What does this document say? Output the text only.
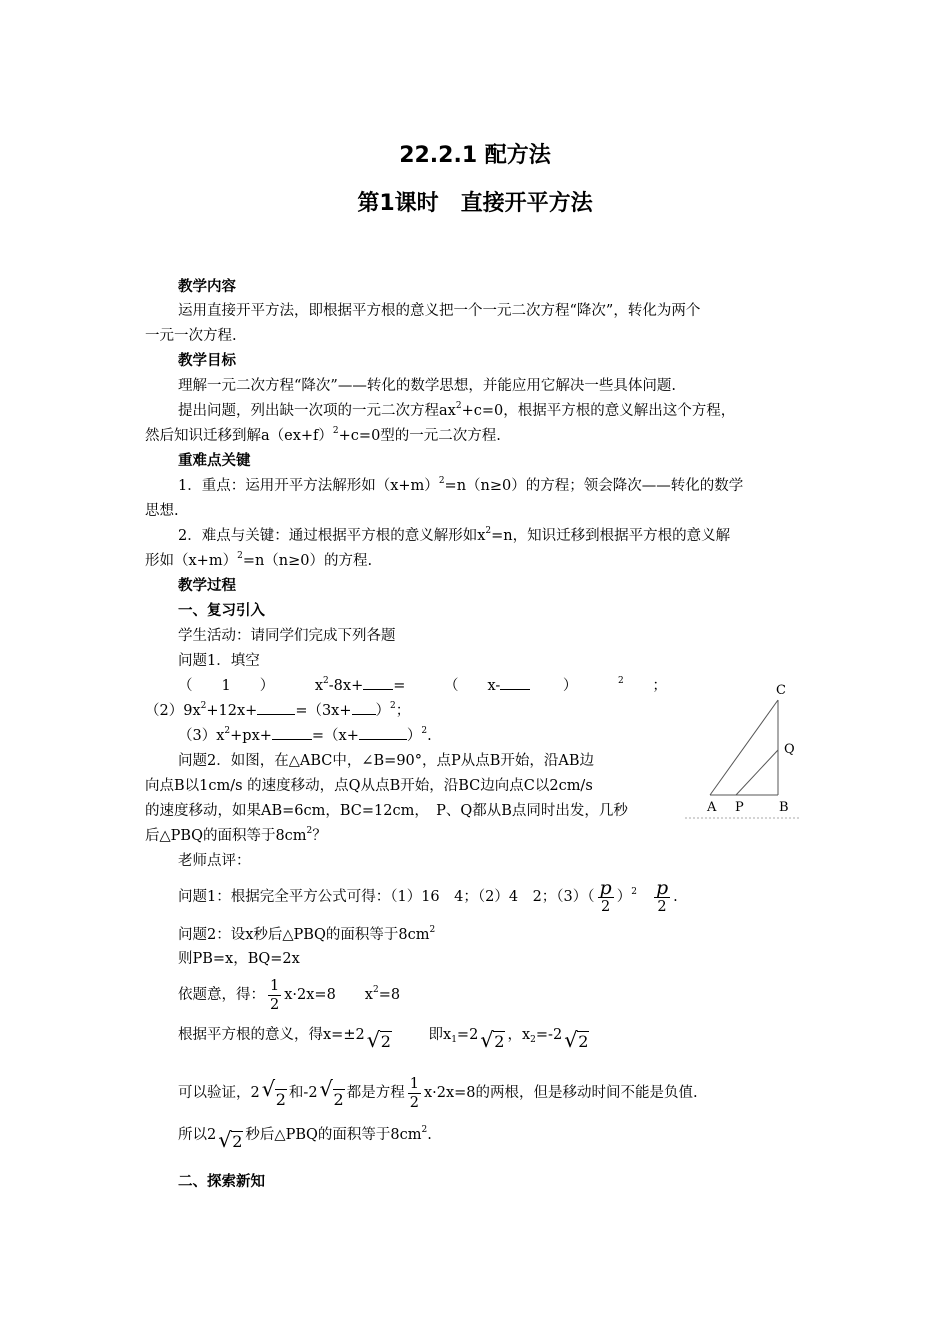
22.2.1 配方法
第1课时　直接开平方法
教学内容
运用直接开平方法，即根据平方根的意义把一个一元二次方程“降次”，转化为两个
一元一次方程.
教学目标
理解一元二次方程“降次”——转化的数学思想，并能应用它解决一些具体问题.
提出问题，列出缺一次项的一元二次方程$ax^2+c=0$，根据平方根的意义解出这个方程，
然后知识迁移到解$a(ex+f)^2+c=0$型的一元二次方程.
重难点关键
1．重点：运用开平方法解形如$(x+m)^2=n(n\ge 0)$的方程；领会降次——转化的数学
思想.
2．难点与关键：通过根据平方根的意义解形如$x^2=n$，知识迁移到根据平方根的意义解
形如$(x+m)^2=n(n\ge 0)$的方程.
教学过程
一、复习引入
学生活动：请同学们完成下列各题
问题1．填空
（　　1　　）	$x^2-8x+$ =	（　　x-	）	$^2$ ；
$(2)9x^2+12x+$	$=(3x+ )^2$；
$(3)x^2+px+$	=（x+	）$^2$.
问题2．如图，在△ABC中，∠B=90°，点P从点B开始，沿AB边
向点B以1cm/s 的速度移动，点Q从点B开始，沿BC边向点C以2cm/s
的速度移动，如果AB=6cm，BC=12cm，　P、Q都从B点同时出发，几秒
后△PBQ的面积等于$8cm^2$？
C
Q
A P	B
老师点评：
问题1：根据完全平方公式可得：（1）16　4；（2）4　2；$(3)( \frac{p}{2} )^2 \frac{p}{2}$ .
问题2：设x秒后△PBQ的面积等于$8cm^2$
则PB=x，BQ=2x
依题意，得： $\frac{1}{2} x\cdot 2x=8$　　$x^2=8$
根据平方根的意义，得x=±2√ 2	即$x_1=2√$ 2 ，$x_2=-2√$ 2
可以验证，2√ 2 和-2√ 2 都是方程 $\frac{1}{2} x\cdot 2x=8$的两根，但是移动时间不能是负值.
所以2√ 2 秒后△PBQ的面积等于$8cm^2$.
二、探索新知
